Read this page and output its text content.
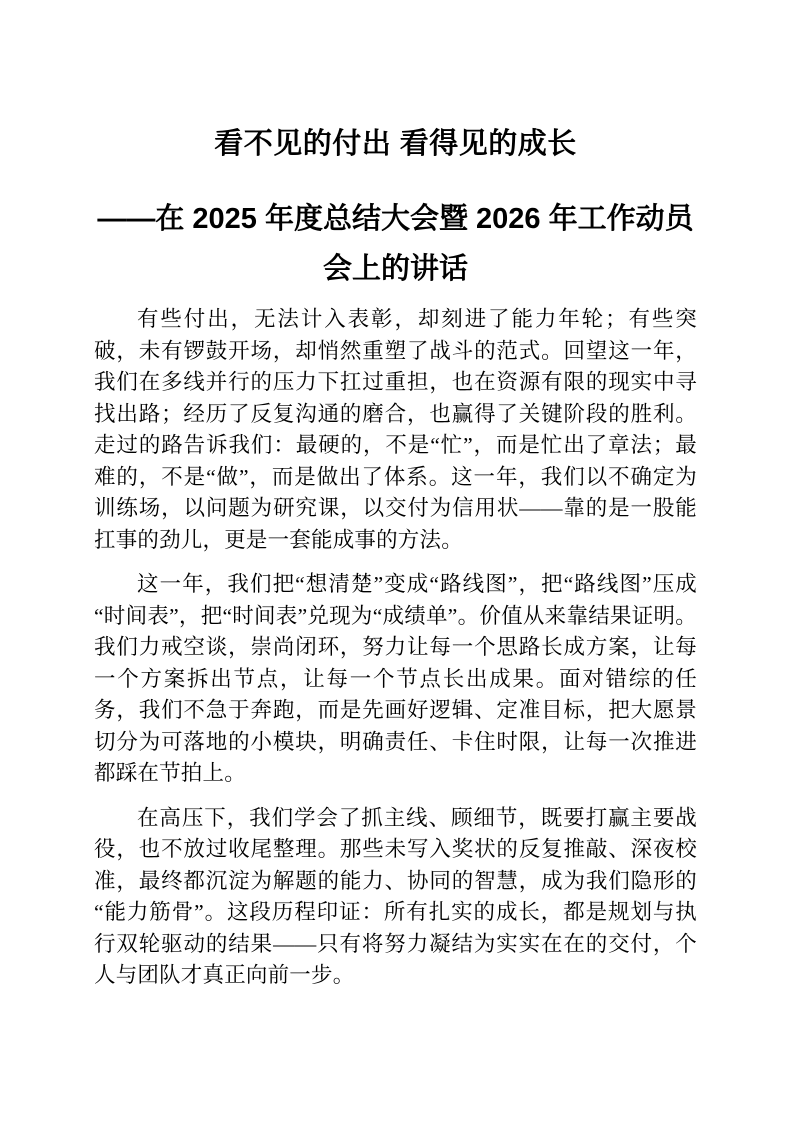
看不见的付出 看得见的成长
——在 2025 年度总结大会暨 2026 年工作动员
会上的讲话

有些付出，无法计入表彰，却刻进了能力年轮；有些突破，未有锣鼓开场，却悄然重塑了战斗的范式。回望这一年，我们在多线并行的压力下扛过重担，也在资源有限的现实中寻找出路；经历了反复沟通的磨合，也赢得了关键阶段的胜利。走过的路告诉我们：最硬的，不是“忙”，而是忙出了章法；最难的，不是“做”，而是做出了体系。这一年，我们以不确定为训练场，以问题为研究课，以交付为信用状——靠的是一股能扛事的劲儿，更是一套能成事的方法。

这一年，我们把“想清楚”变成“路线图”，把“路线图”压成“时间表”，把“时间表”兑现为“成绩单”。价值从来靠结果证明。我们力戒空谈，崇尚闭环，努力让每一个思路长成方案，让每一个方案拆出节点，让每一个节点长出成果。面对错综的任务，我们不急于奔跑，而是先画好逻辑、定准目标，把大愿景切分为可落地的小模块，明确责任、卡住时限，让每一次推进都踩在节拍上。

在高压下，我们学会了抓主线、顾细节，既要打赢主要战役，也不放过收尾整理。那些未写入奖状的反复推敲、深夜校准，最终都沉淀为解题的能力、协同的智慧，成为我们隐形的“能力筋骨”。这段历程印证：所有扎实的成长，都是规划与执行双轮驱动的结果——只有将努力凝结为实实在在的交付，个人与团队才真正向前一步。
